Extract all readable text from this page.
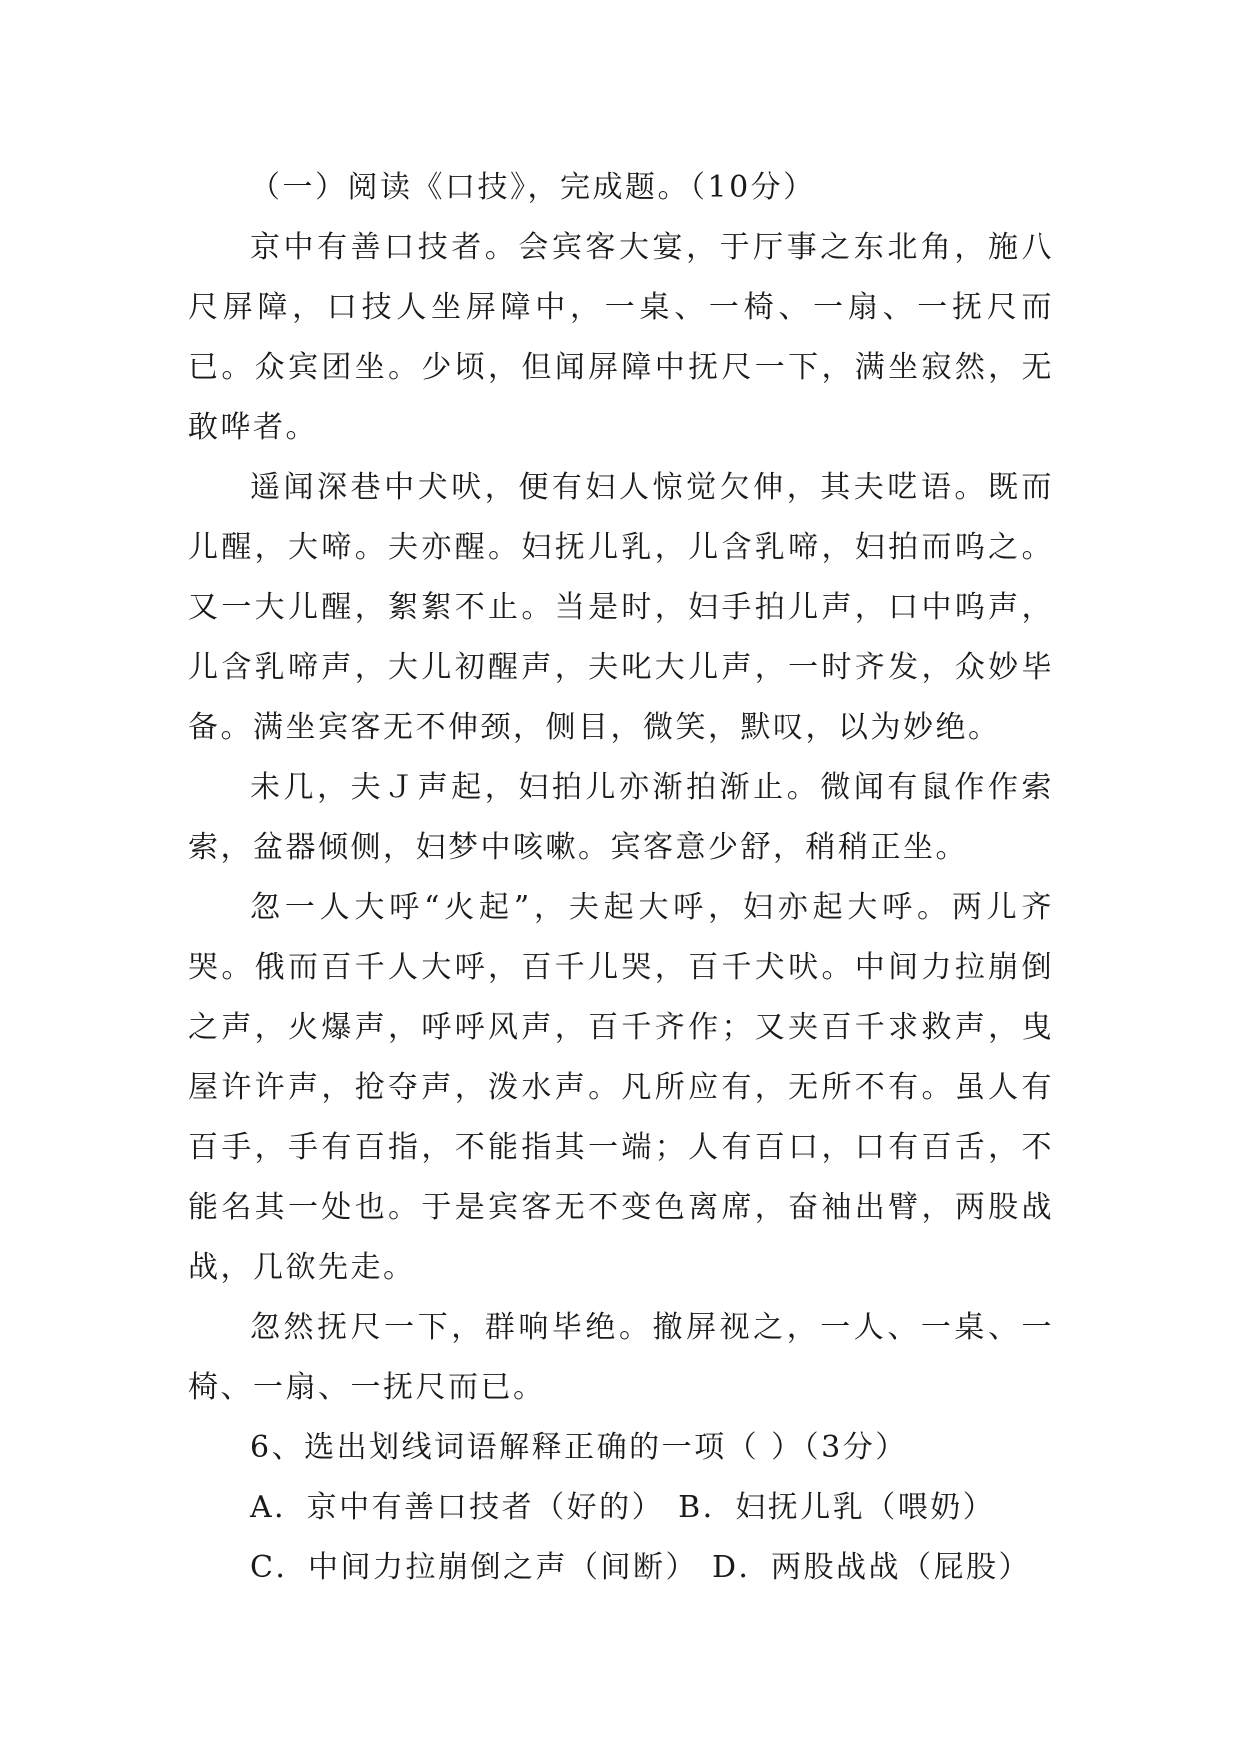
（一）阅读《口技》，完成题。（10分）

京中有善口技者。会宾客大宴，于厅事之东北角，施八尺屏障，口技人坐屏障中，一桌、一椅、一扇、一抚尺而已。众宾团坐。少顷，但闻屏障中抚尺一下，满坐寂然，无敢哗者。

遥闻深巷中犬吠，便有妇人惊觉欠伸，其夫呓语。既而儿醒，大啼。夫亦醒。妇抚儿乳，儿含乳啼，妇拍而呜之。又一大儿醒，絮絮不止。当是时，妇手拍儿声，口中呜声，儿含乳啼声，大儿初醒声，夫叱大儿声，一时齐发，众妙毕备。满坐宾客无不伸颈，侧目，微笑，默叹，以为妙绝。

未几，夫Ｊ声起，妇拍儿亦渐拍渐止。微闻有鼠作作索索，盆器倾侧，妇梦中咳嗽。宾客意少舒，稍稍正坐。

忽一人大呼“火起”，夫起大呼，妇亦起大呼。两儿齐哭。俄而百千人大呼，百千儿哭，百千犬吠。中间力拉崩倒之声，火爆声，呼呼风声，百千齐作；又夹百千求救声，曳屋许许声，抢夺声，泼水声。凡所应有，无所不有。虽人有百手，手有百指，不能指其一端；人有百口，口有百舌，不能名其一处也。于是宾客无不变色离席，奋袖出臂，两股战战，几欲先走。

忽然抚尺一下，群响毕绝。撤屏视之，一人、一桌、一椅、一扇、一抚尺而已。

6、选出划线词语解释正确的一项（ ）（3分）

A．京中有善口技者（好的） B．妇抚儿乳（喂奶）

C．中间力拉崩倒之声（间断） D．两股战战（屁股）
